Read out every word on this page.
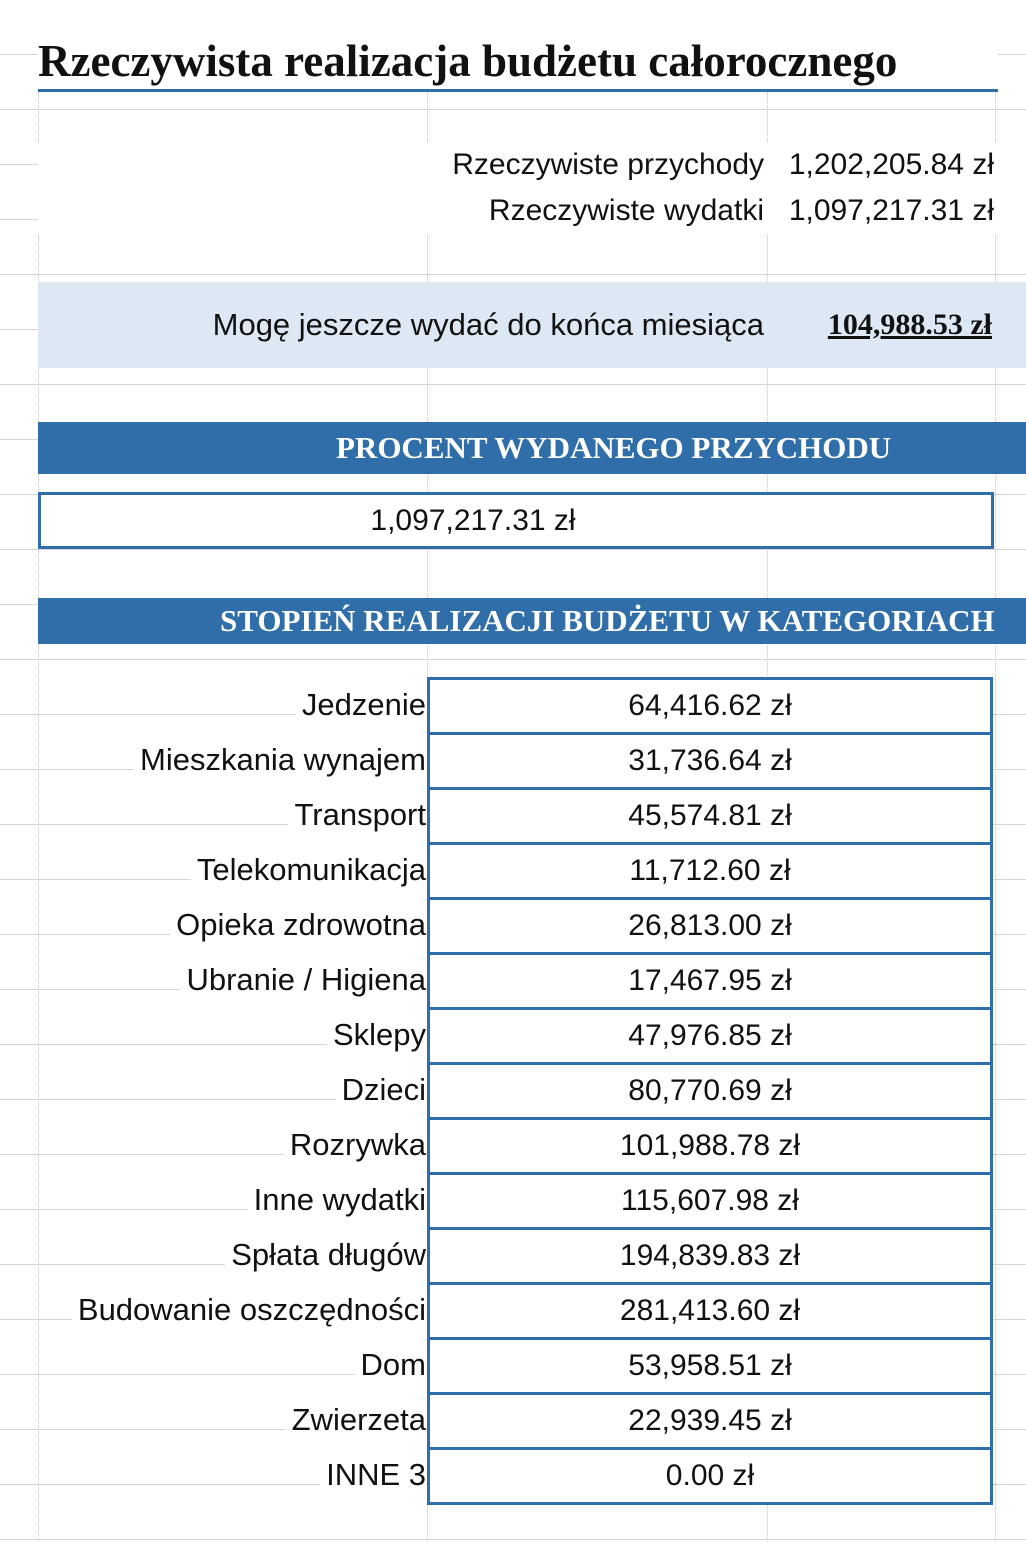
Rzeczywista realizacja budżetu całorocznego
Rzeczywiste przychody 1,202,205.84 zł
Rzeczywiste wydatki 1,097,217.31 zł
Mogę jeszcze wydać do końca miesiąca	104,988.53 zł
PROCENT WYDANEGO PRZYCHODU
1,097,217.31 zł
STOPIEŃ REALIZACJI BUDŻETU W KATEGORIACH
Jedzenie	64,416.62 zł
Mieszkania wynajem	31,736.64 zł
Transport	45,574.81 zł
Telekomunikacja	11,712.60 zł
Opieka zdrowotna	26,813.00 zł
Ubranie / Higiena	17,467.95 zł
Sklepy	47,976.85 zł
Dzieci	80,770.69 zł
Rozrywka	101,988.78 zł
Inne wydatki	115,607.98 zł
Spłata długów	194,839.83 zł
Budowanie oszczędności	281,413.60 zł
Dom	53,958.51 zł
Zwierzeta	22,939.45 zł
INNE 3	0.00 zł
